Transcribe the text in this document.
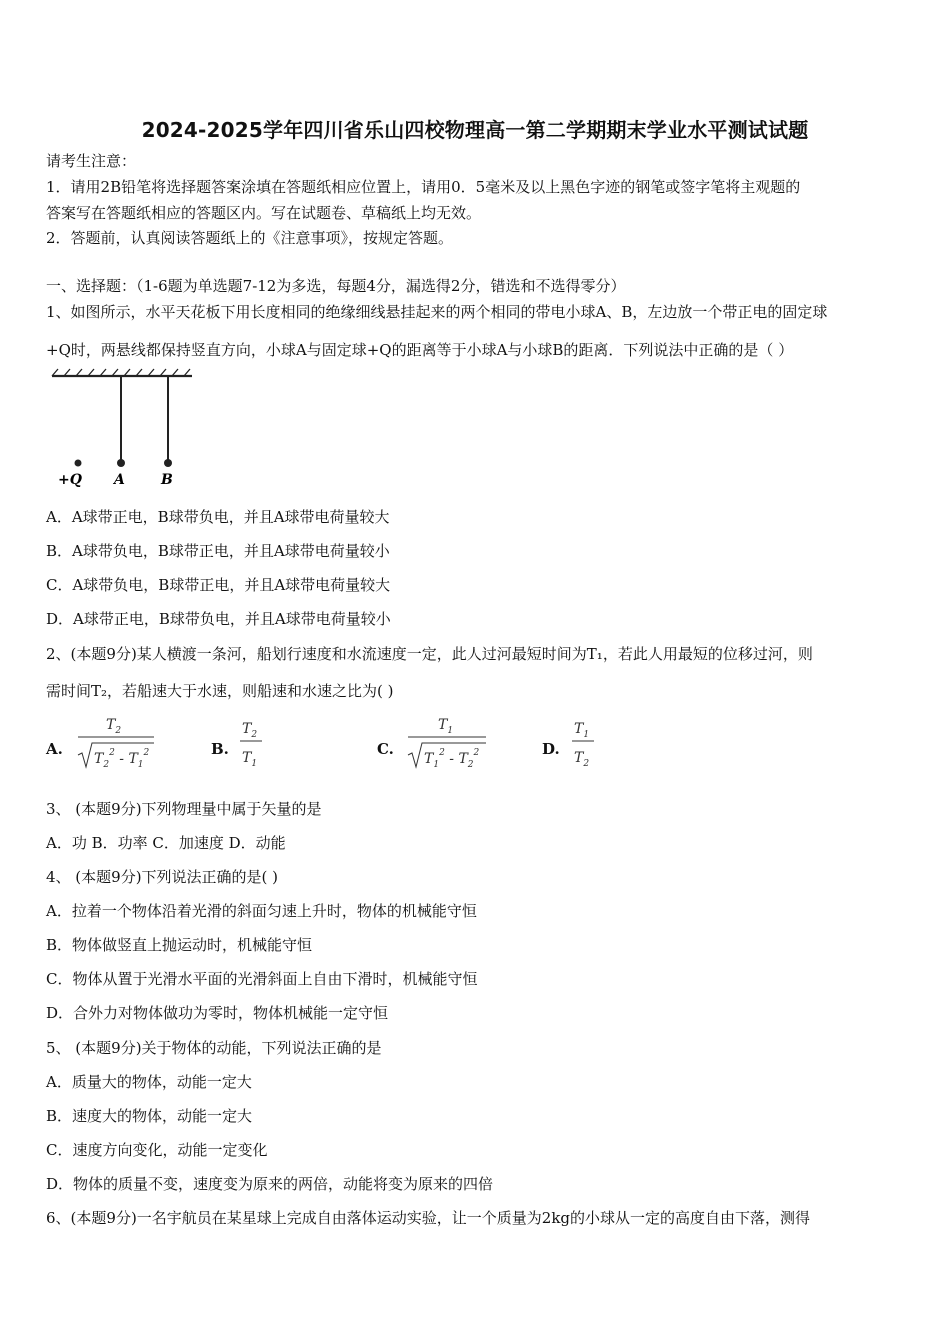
2024-2025学年四川省乐山四校物理高一第二学期期末学业水平测试试题
请考生注意：
1．请用2B铅笔将选择题答案涂填在答题纸相应位置上，请用0．5毫米及以上黑色字迹的钢笔或签字笔将主观题的
答案写在答题纸相应的答题区内。写在试题卷、草稿纸上均无效。
2．答题前，认真阅读答题纸上的《注意事项》，按规定答题。
一、选择题：（1-6题为单选题7-12为多选，每题4分，漏选得2分，错选和不选得零分）
1、如图所示，水平天花板下用长度相同的绝缘细线悬挂起来的两个相同的带电小球A、B，左边放一个带正电的固定球
+Q时，两悬线都保持竖直方向，小球A与固定球+Q的距离等于小球A与小球B的距离．下列说法中正确的是（ ）
+Q A	B
A．A球带正电，B球带负电，并且A球带电荷量较大
B．A球带负电，B球带正电，并且A球带电荷量较小
C．A球带负电，B球带正电，并且A球带电荷量较大
D．A球带正电，B球带负电，并且A球带电荷量较小
2、(本题9分)某人横渡一条河，船划行速度和水流速度一定，此人过河最短时间为T₁，若此人用最短的位移过河，则
需时间T₂，若船速大于水速，则船速和水速之比为( )
A.	B.	C.	D.
$T_2$
$T_2^2 - T_1^2$
$T_2$
$T_1$
$T_1$
$T_1^2 - T_2^2$
$T_1$
$T_2$
3、 (本题9分)下列物理量中属于矢量的是
A．功 B．功率 C．加速度 D．动能
4、 (本题9分)下列说法正确的是( )
A．拉着一个物体沿着光滑的斜面匀速上升时，物体的机械能守恒
B．物体做竖直上抛运动时，机械能守恒
C．物体从置于光滑水平面的光滑斜面上自由下滑时，机械能守恒
D．合外力对物体做功为零时，物体机械能一定守恒
5、 (本题9分)关于物体的动能，下列说法正确的是
A．质量大的物体，动能一定大
B．速度大的物体，动能一定大
C．速度方向变化，动能一定变化
D．物体的质量不变，速度变为原来的两倍，动能将变为原来的四倍
6、(本题9分)一名宇航员在某星球上完成自由落体运动实验，让一个质量为2kg的小球从一定的高度自由下落，测得
